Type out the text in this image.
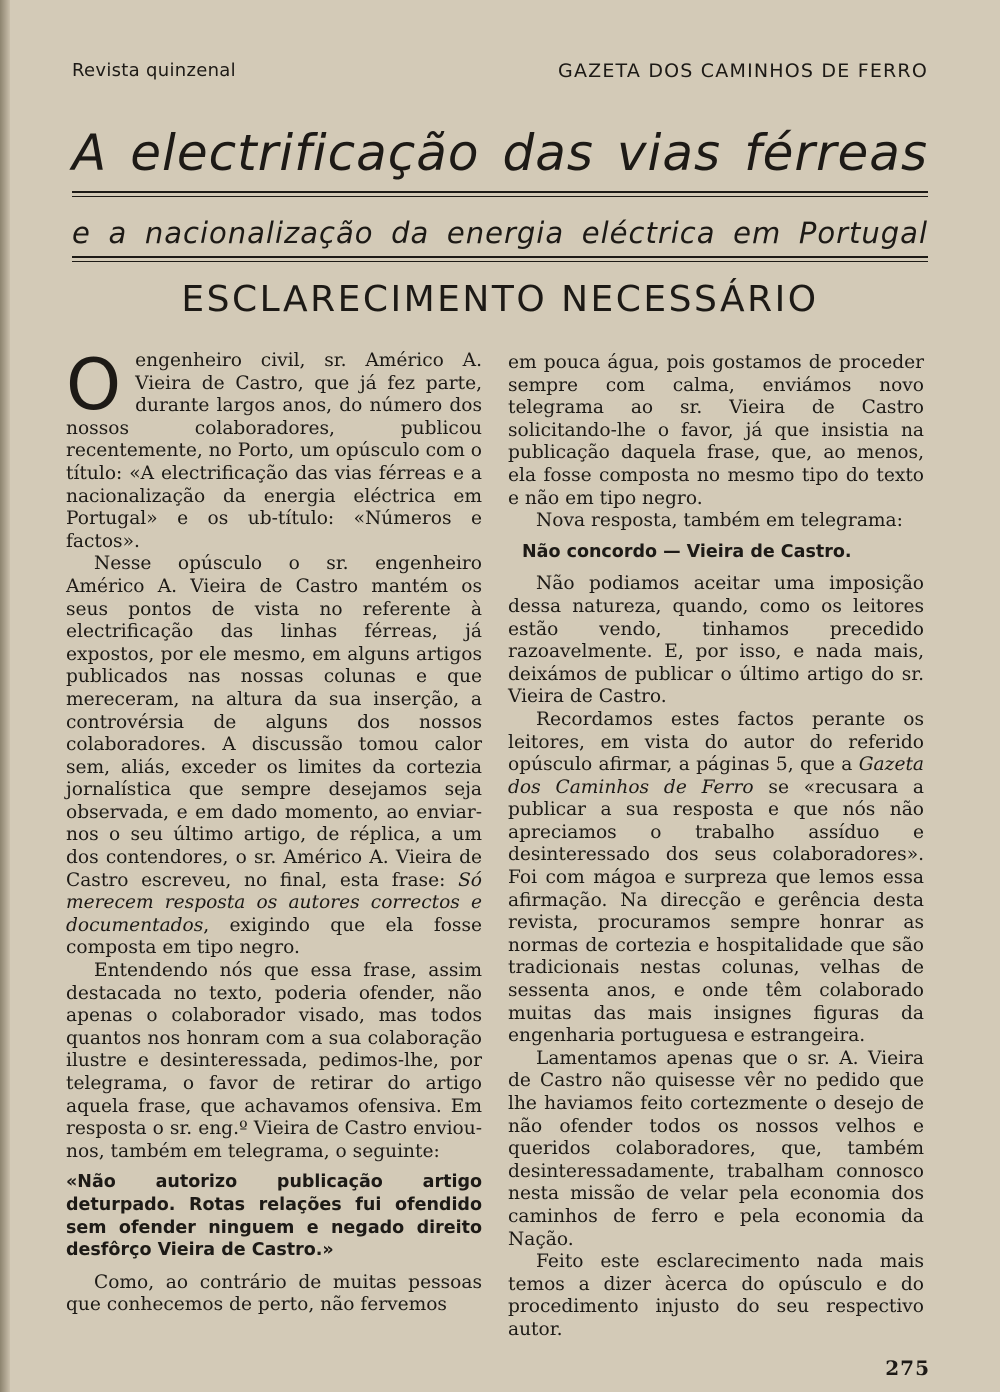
Revista quinzenal	GAZETA DOS CAMINHOS DE FERRO
A electrificação das vias férreas
e a nacionalização da energia eléctrica em Portugal
ESCLARECIMENTO NECESSÁRIO

Oengenheiro civil, sr. Américo A. Vieira de Castro, que já fez parte, durante largos anos, do número dos nossos colaboradores, publicou recentemente, no Porto, um opúsculo com o título: «A electrificação das vias férreas e a nacionalização da energia eléctrica em Portugal» e os ub-título: «Números e factos».

Nesse opúsculo o sr. engenheiro Américo A. Vieira de Castro mantém os seus pontos de vista no referente à electrificação das linhas férreas, já expostos, por ele mesmo, em alguns artigos publicados nas nossas colunas e que mereceram, na altura da sua inserção, a controvérsia de alguns dos nossos colaboradores. A discussão tomou calor sem, aliás, exceder os limites da cortezia jornalística que sempre desejamos seja observada, e em dado momento, ao enviar-nos o seu último artigo, de réplica, a um dos contendores, o sr. Américo A. Vieira de Castro escreveu, no final, esta frase: Só merecem resposta os autores correctos e documentados, exigindo que ela fosse composta em tipo negro.

Entendendo nós que essa frase, assim destacada no texto, poderia ofender, não apenas o colaborador visado, mas todos quantos nos honram com a sua colaboração ilustre e desinteressada, pedimos-lhe, por telegrama, o favor de retirar do artigo aquela frase, que achavamos ofensiva. Em resposta o sr. eng.º Vieira de Castro enviou-nos, também em telegrama, o seguinte:

«Não autorizo publicação artigo deturpado. Rotas relações fui ofendido sem ofender ninguem e negado direito desfôrço Vieira de Castro.»

Como, ao contrário de muitas pessoas que conhecemos de perto, não fervemos

em pouca água, pois gostamos de proceder sempre com calma, enviámos novo telegrama ao sr. Vieira de Castro solicitando-lhe o favor, já que insistia na publicação daquela frase, que, ao menos, ela fosse composta no mesmo tipo do texto e não em tipo negro.

Nova resposta, também em telegrama:

Não concordo — Vieira de Castro.

Não podiamos aceitar uma imposição dessa natureza, quando, como os leitores estão vendo, tinhamos precedido razoavelmente. E, por isso, e nada mais, deixámos de publicar o último artigo do sr. Vieira de Castro.

Recordamos estes factos perante os leitores, em vista do autor do referido opúsculo afirmar, a páginas 5, que a Gazeta dos Caminhos de Ferro se «recusara a publicar a sua resposta e que nós não apreciamos o trabalho assíduo e desinteressado dos seus colaboradores». Foi com mágoa e surpreza que lemos essa afirmação. Na direcção e gerência desta revista, procuramos sempre honrar as normas de cortezia e hospitalidade que são tradicionais nestas colunas, velhas de sessenta anos, e onde têm colaborado muitas das mais insignes figuras da engenharia portuguesa e estrangeira.

Lamentamos apenas que o sr. A. Vieira de Castro não quisesse vêr no pedido que lhe haviamos feito cortezmente o desejo de não ofender todos os nossos velhos e queridos colaboradores, que, também desinteressadamente, trabalham connosco nesta missão de velar pela economia dos caminhos de ferro e pela economia da Nação.

Feito este esclarecimento nada mais temos a dizer àcerca do opúsculo e do procedimento injusto do seu respectivo autor.

275
